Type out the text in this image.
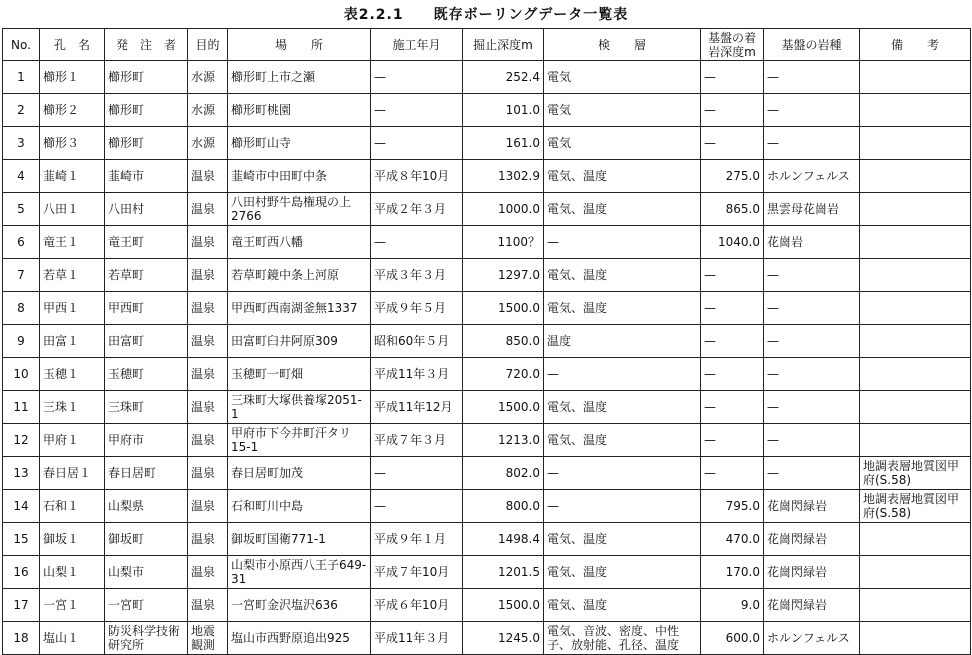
表2.2.1　　既存ボーリングデータ一覧表
No.	孔　名	発　注　者	目的	場　　所	施工年月	掘止深度m	検　　層	基盤の着岩深度m	基盤の岩種	備　　考
1	櫛形１	櫛形町	水源	櫛形町上市之瀬	—	252.4	電気	—	—	
2	櫛形２	櫛形町	水源	櫛形町桃園	—	101.0	電気	—	—	
3	櫛形３	櫛形町	水源	櫛形町山寺	—	161.0	電気	—	—	
4	韮崎１	韮崎市	温泉	韮崎市中田町中条	平成８年10月	1302.9	電気、温度	275.0	ホルンフェルス	
5	八田１	八田村	温泉	八田村野牛島権現の上2766	平成２年３月	1000.0	電気、温度	865.0	黒雲母花崗岩	
6	竜王１	竜王町	温泉	竜王町西八幡	—	1100？	—	1040.0	花崗岩	
7	若草１	若草町	温泉	若草町鏡中条上河原	平成３年３月	1297.0	電気、温度	—	—	
8	甲西１	甲西町	温泉	甲西町西南湖釜無1337	平成９年５月	1500.0	電気、温度	—	—	
9	田富１	田富町	温泉	田富町臼井阿原309	昭和60年５月	850.0	温度	—	—	
10	玉穂１	玉穂町	温泉	玉穂町一町畑	平成11年３月	720.0	—	—	—	
11	三珠１	三珠町	温泉	三珠町大塚供養塚2051-1	平成11年12月	1500.0	電気、温度	—	—	
12	甲府１	甲府市	温泉	甲府市下今井町汗タリ15-1	平成７年３月	1213.0	電気、温度	—	—	
13	春日居１	春日居町	温泉	春日居町加茂	—	802.0	—	—	—	地調表層地質図甲府(S.58)
14	石和１	山梨県	温泉	石和町川中島	—	800.0	—	795.0	花崗閃緑岩	地調表層地質図甲府(S.58)
15	御坂１	御坂町	温泉	御坂町国衛771-1	平成９年１月	1498.4	電気、温度	470.0	花崗閃緑岩	
16	山梨１	山梨市	温泉	山梨市小原西八王子649-31	平成７年10月	1201.5	電気、温度	170.0	花崗閃緑岩	
17	一宮１	一宮町	温泉	一宮町金沢塩沢636	平成６年10月	1500.0	電気、温度	9.0	花崗閃緑岩	
18	塩山１	防災科学技術研究所	地震観測	塩山市西野原追出925	平成11年３月	1245.0	電気、音波、密度、中性子、放射能、孔径、温度	600.0	ホルンフェルス	
